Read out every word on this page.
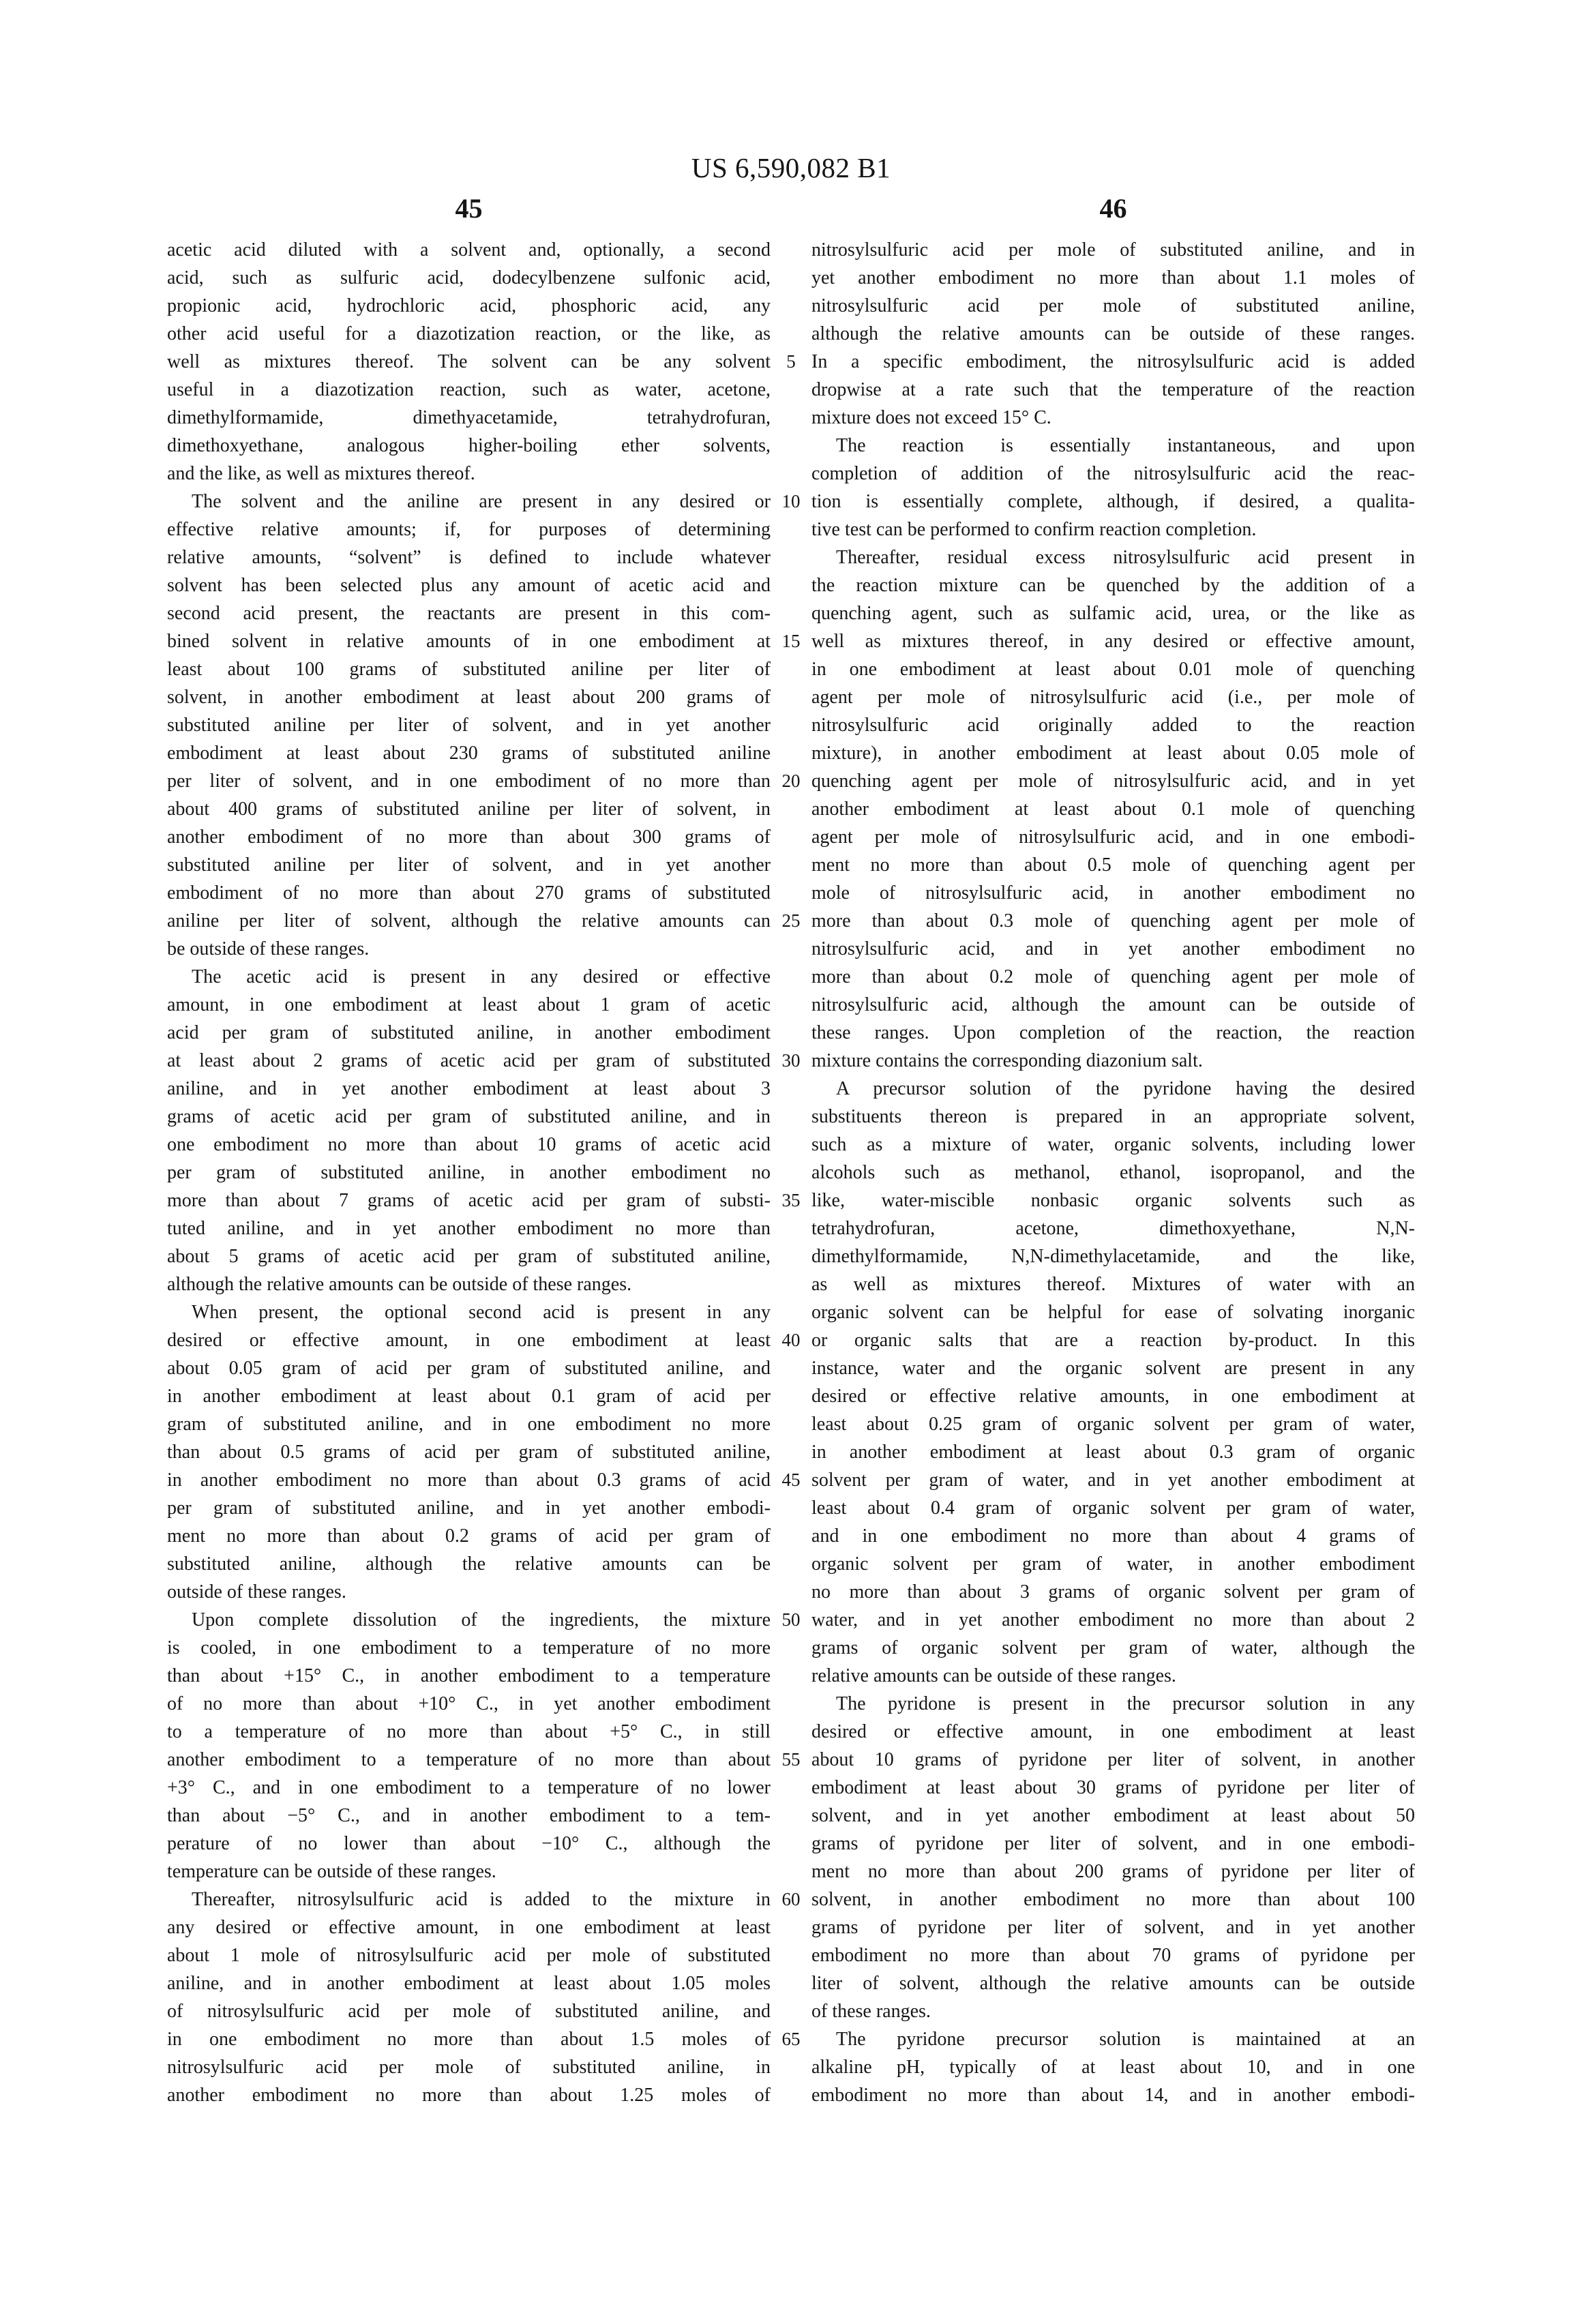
US 6,590,082 B1
45	46
acetic acid diluted with a solvent and, optionally, a second
acid, such as sulfuric acid, dodecylbenzene sulfonic acid,
propionic acid, hydrochloric acid, phosphoric acid, any
other acid useful for a diazotization reaction, or the like, as
well as mixtures thereof. The solvent can be any solvent
useful in a diazotization reaction, such as water, acetone,
dimethylformamide, dimethyacetamide, tetrahydrofuran,
dimethoxyethane, analogous higher-boiling ether solvents,
and the like, as well as mixtures thereof.
The solvent and the aniline are present in any desired or
effective relative amounts; if, for purposes of determining
relative amounts, “solvent” is defined to include whatever
solvent has been selected plus any amount of acetic acid and
second acid present, the reactants are present in this com-
bined solvent in relative amounts of in one embodiment at
least about 100 grams of substituted aniline per liter of
solvent, in another embodiment at least about 200 grams of
substituted aniline per liter of solvent, and in yet another
embodiment at least about 230 grams of substituted aniline
per liter of solvent, and in one embodiment of no more than
about 400 grams of substituted aniline per liter of solvent, in
another embodiment of no more than about 300 grams of
substituted aniline per liter of solvent, and in yet another
embodiment of no more than about 270 grams of substituted
aniline per liter of solvent, although the relative amounts can
be outside of these ranges.
The acetic acid is present in any desired or effective
amount, in one embodiment at least about 1 gram of acetic
acid per gram of substituted aniline, in another embodiment
at least about 2 grams of acetic acid per gram of substituted
aniline, and in yet another embodiment at least about 3
grams of acetic acid per gram of substituted aniline, and in
one embodiment no more than about 10 grams of acetic acid
per gram of substituted aniline, in another embodiment no
more than about 7 grams of acetic acid per gram of substi-
tuted aniline, and in yet another embodiment no more than
about 5 grams of acetic acid per gram of substituted aniline,
although the relative amounts can be outside of these ranges.
When present, the optional second acid is present in any
desired or effective amount, in one embodiment at least
about 0.05 gram of acid per gram of substituted aniline, and
in another embodiment at least about 0.1 gram of acid per
gram of substituted aniline, and in one embodiment no more
than about 0.5 grams of acid per gram of substituted aniline,
in another embodiment no more than about 0.3 grams of acid
per gram of substituted aniline, and in yet another embodi-
ment no more than about 0.2 grams of acid per gram of
substituted aniline, although the relative amounts can be
outside of these ranges.
Upon complete dissolution of the ingredients, the mixture
is cooled, in one embodiment to a temperature of no more
than about +15° C., in another embodiment to a temperature
of no more than about +10° C., in yet another embodiment
to a temperature of no more than about +5° C., in still
another embodiment to a temperature of no more than about
+3° C., and in one embodiment to a temperature of no lower
than about −5° C., and in another embodiment to a tem-
perature of no lower than about −10° C., although the
temperature can be outside of these ranges.
Thereafter, nitrosylsulfuric acid is added to the mixture in
any desired or effective amount, in one embodiment at least
about 1 mole of nitrosylsulfuric acid per mole of substituted
aniline, and in another embodiment at least about 1.05 moles
of nitrosylsulfuric acid per mole of substituted aniline, and
in one embodiment no more than about 1.5 moles of
nitrosylsulfuric acid per mole of substituted aniline, in
another embodiment no more than about 1.25 moles of
5
10
15
20
25
30
35
40
45
50
55
60
65
nitrosylsulfuric acid per mole of substituted aniline, and in
yet another embodiment no more than about 1.1 moles of
nitrosylsulfuric acid per mole of substituted aniline,
although the relative amounts can be outside of these ranges.
In a specific embodiment, the nitrosylsulfuric acid is added
dropwise at a rate such that the temperature of the reaction
mixture does not exceed 15° C.
The reaction is essentially instantaneous, and upon
completion of addition of the nitrosylsulfuric acid the reac-
tion is essentially complete, although, if desired, a qualita-
tive test can be performed to confirm reaction completion.
Thereafter, residual excess nitrosylsulfuric acid present in
the reaction mixture can be quenched by the addition of a
quenching agent, such as sulfamic acid, urea, or the like as
well as mixtures thereof, in any desired or effective amount,
in one embodiment at least about 0.01 mole of quenching
agent per mole of nitrosylsulfuric acid (i.e., per mole of
nitrosylsulfuric acid originally added to the reaction
mixture), in another embodiment at least about 0.05 mole of
quenching agent per mole of nitrosylsulfuric acid, and in yet
another embodiment at least about 0.1 mole of quenching
agent per mole of nitrosylsulfuric acid, and in one embodi-
ment no more than about 0.5 mole of quenching agent per
mole of nitrosylsulfuric acid, in another embodiment no
more than about 0.3 mole of quenching agent per mole of
nitrosylsulfuric acid, and in yet another embodiment no
more than about 0.2 mole of quenching agent per mole of
nitrosylsulfuric acid, although the amount can be outside of
these ranges. Upon completion of the reaction, the reaction
mixture contains the corresponding diazonium salt.
A precursor solution of the pyridone having the desired
substituents thereon is prepared in an appropriate solvent,
such as a mixture of water, organic solvents, including lower
alcohols such as methanol, ethanol, isopropanol, and the
like, water-miscible nonbasic organic solvents such as
tetrahydrofuran, acetone, dimethoxyethane, N,N-
dimethylformamide, N,N-dimethylacetamide, and the like,
as well as mixtures thereof. Mixtures of water with an
organic solvent can be helpful for ease of solvating inorganic
or organic salts that are a reaction by-product. In this
instance, water and the organic solvent are present in any
desired or effective relative amounts, in one embodiment at
least about 0.25 gram of organic solvent per gram of water,
in another embodiment at least about 0.3 gram of organic
solvent per gram of water, and in yet another embodiment at
least about 0.4 gram of organic solvent per gram of water,
and in one embodiment no more than about 4 grams of
organic solvent per gram of water, in another embodiment
no more than about 3 grams of organic solvent per gram of
water, and in yet another embodiment no more than about 2
grams of organic solvent per gram of water, although the
relative amounts can be outside of these ranges.
The pyridone is present in the precursor solution in any
desired or effective amount, in one embodiment at least
about 10 grams of pyridone per liter of solvent, in another
embodiment at least about 30 grams of pyridone per liter of
solvent, and in yet another embodiment at least about 50
grams of pyridone per liter of solvent, and in one embodi-
ment no more than about 200 grams of pyridone per liter of
solvent, in another embodiment no more than about 100
grams of pyridone per liter of solvent, and in yet another
embodiment no more than about 70 grams of pyridone per
liter of solvent, although the relative amounts can be outside
of these ranges.
The pyridone precursor solution is maintained at an
alkaline pH, typically of at least about 10, and in one
embodiment no more than about 14, and in another embodi-
